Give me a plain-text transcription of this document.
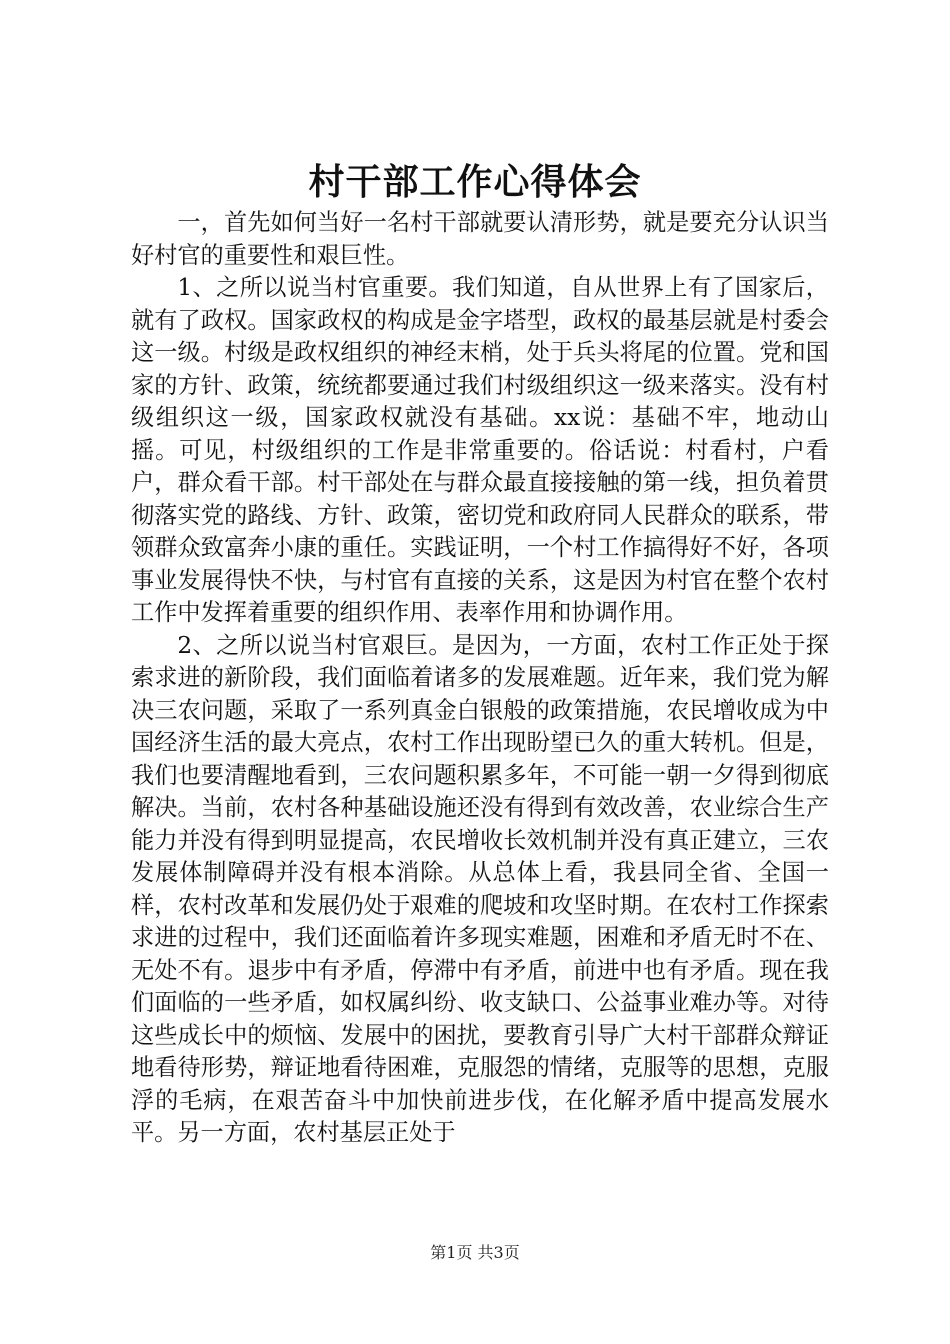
村干部工作心得体会

一，首先如何当好一名村干部就要认清形势，就是要充分认识当好村官的重要性和艰巨性。

1、之所以说当村官重要。我们知道，自从世界上有了国家后，就有了政权。国家政权的构成是金字塔型，政权的最基层就是村委会这一级。村级是政权组织的神经末梢，处于兵头将尾的位置。党和国家的方针、政策，统统都要通过我们村级组织这一级来落实。没有村级组织这一级，国家政权就没有基础。xx说：基础不牢，地动山摇。可见，村级组织的工作是非常重要的。俗话说：村看村，户看户，群众看干部。村干部处在与群众最直接接触的第一线，担负着贯彻落实党的路线、方针、政策，密切党和政府同人民群众的联系，带领群众致富奔小康的重任。实践证明，一个村工作搞得好不好，各项事业发展得快不快，与村官有直接的关系，这是因为村官在整个农村工作中发挥着重要的组织作用、表率作用和协调作用。

2、之所以说当村官艰巨。是因为，一方面，农村工作正处于探索求进的新阶段，我们面临着诸多的发展难题。近年来，我们党为解决三农问题，采取了一系列真金白银般的政策措施，农民增收成为中国经济生活的最大亮点，农村工作出现盼望已久的重大转机。但是，我们也要清醒地看到，三农问题积累多年，不可能一朝一夕得到彻底解决。当前，农村各种基础设施还没有得到有效改善，农业综合生产能力并没有得到明显提高，农民增收长效机制并没有真正建立，三农发展体制障碍并没有根本消除。从总体上看，我县同全省、全国一样，农村改革和发展仍处于艰难的爬坡和攻坚时期。在农村工作探索求进的过程中，我们还面临着许多现实难题，困难和矛盾无时不在、无处不有。退步中有矛盾，停滞中有矛盾，前进中也有矛盾。现在我们面临的一些矛盾，如权属纠纷、收支缺口、公益事业难办等。对待这些成长中的烦恼、发展中的困扰，要教育引导广大村干部群众辩证地看待形势，辩证地看待困难，克服怨的情绪，克服等的思想，克服浮的毛病，在艰苦奋斗中加快前进步伐，在化解矛盾中提高发展水平。另一方面，农村基层正处于

第1页 共3页
